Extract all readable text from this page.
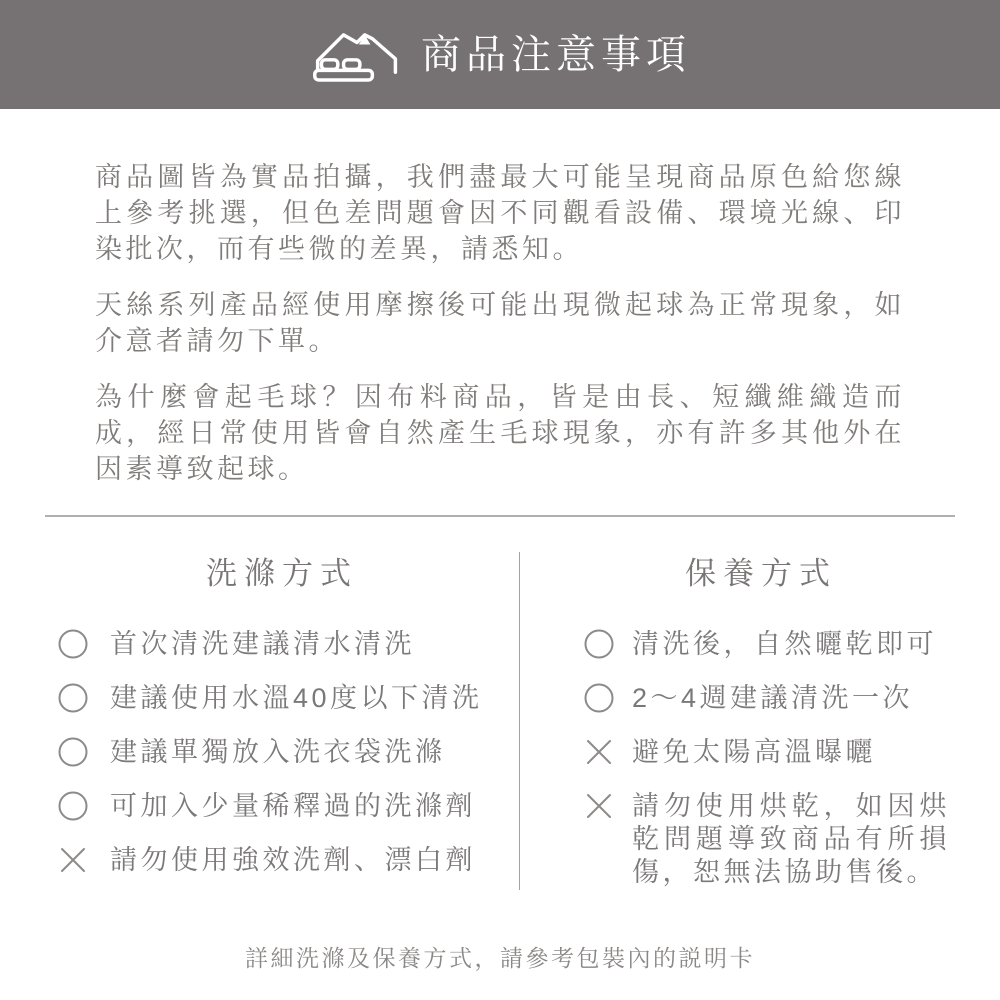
商品注意事項

商品圖皆為實品拍攝，我們盡最大可能呈現商品原色給您線上參考挑選，但色差問題會因不同觀看設備、環境光線、印染批次，而有些微的差異，請悉知。

天絲系列產品經使用摩擦後可能出現微起球為正常現象，如介意者請勿下單。

為什麼會起毛球？因布料商品，皆是由長、短纖維織造而成，經日常使用皆會自然產生毛球現象，亦有許多其他外在因素導致起球。

洗滌方式
首次清洗建議清水清洗
建議使用水溫40度以下清洗
建議單獨放入洗衣袋洗滌
可加入少量稀釋過的洗滌劑
請勿使用強效洗劑、漂白劑
保養方式
清洗後，自然曬乾即可
2～4週建議清洗一次
避免太陽高溫曝曬
請勿使用烘乾，如因烘乾問題導致商品有所損傷，恕無法協助售後。

詳細洗滌及保養方式，請參考包裝內的説明卡
